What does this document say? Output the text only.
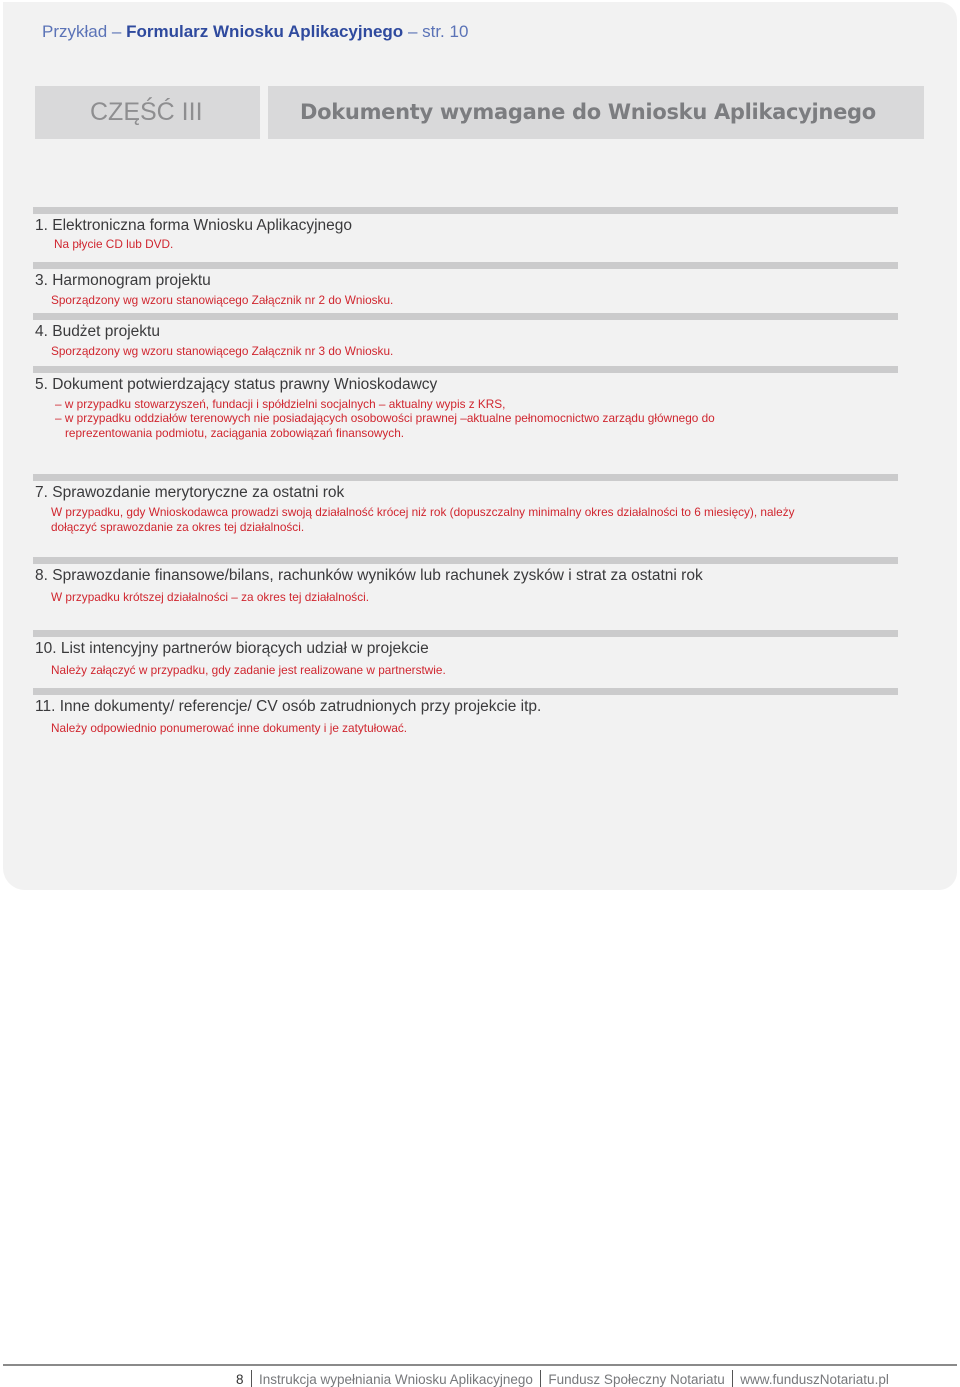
Przykład – Formularz Wniosku Aplikacyjnego – str. 10
CZĘŚĆ III	Dokumenty wymagane do Wniosku Aplikacyjnego
1. Elektroniczna forma Wniosku Aplikacyjnego
Na płycie CD lub DVD.
3. Harmonogram projektu
Sporządzony wg wzoru stanowiącego Załącznik nr 2 do Wniosku.
4. Budżet projektu
Sporządzony wg wzoru stanowiącego Załącznik nr 3 do Wniosku.
5. Dokument potwierdzający status prawny Wnioskodawcy
– w przypadku stowarzyszeń, fundacji i spółdzielni socjalnych – aktualny wypis z KRS,
– w przypadku oddziałów terenowych nie posiadających osobowości prawnej –aktualne pełnomocnictwo zarządu głównego do
reprezentowania podmiotu, zaciągania zobowiązań finansowych.
7. Sprawozdanie merytoryczne za ostatni rok
W przypadku, gdy Wnioskodawca prowadzi swoją działalność krócej niż rok (dopuszczalny minimalny okres działalności to 6 miesięcy), należy
dołączyć sprawozdanie za okres tej działalności.
8. Sprawozdanie finansowe/bilans, rachunków wyników lub rachunek zysków i strat za ostatni rok
W przypadku krótszej działalności – za okres tej działalności.
10. List intencyjny partnerów biorących udział w projekcie
Należy załączyć w przypadku, gdy zadanie jest realizowane w partnerstwie.
11. Inne dokumenty/ referencje/ CV osób zatrudnionych przy projekcie itp.
Należy odpowiednio ponumerować inne dokumenty i je zatytułować.
8 Instrukcja wypełniania Wniosku Aplikacyjnego Fundusz Społeczny Notariatu www.funduszNotariatu.pl
